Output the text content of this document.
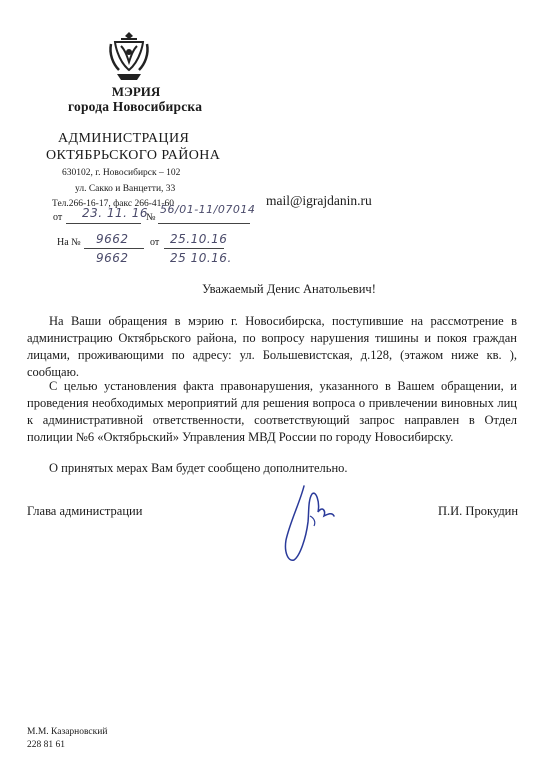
МЭРИЯ
города Новосибирска
АДМИНИСТРАЦИЯ
ОКТЯБРЬСКОГО РАЙОНА
630102, г. Новосибирск – 102
ул. Сакко и Ванцетти, 33
Тел.266-16-17, факс 266-41-60	mail@igrajdanin.ru
от 23. 11. 16
№
56/01-11/07014
На № 9662 от 25.10.16
9662	25 10.16.
Уважаемый Денис Анатольевич!
На Ваши обращения в мэрию г. Новосибирска, поступившие на рассмотрение в администрацию Октябрьского района, по вопросу нарушения тишины и покоя граждан лицами, проживающими по адресу: ул. Большевистская, д.128, (этажом ниже кв. ), сообщаю.
С целью установления факта правонарушения, указанного в Вашем обращении, и проведения необходимых мероприятий для решения вопроса о привлечении виновных лиц к административной ответственности, соответствующий запрос направлен в Отдел полиции №6 «Октябрьский» Управления МВД России по городу Новосибирску.
О принятых мерах Вам будет сообщено дополнительно.
Глава администрации	П.И. Прокудин
М.М. Казарновский
228 81 61
